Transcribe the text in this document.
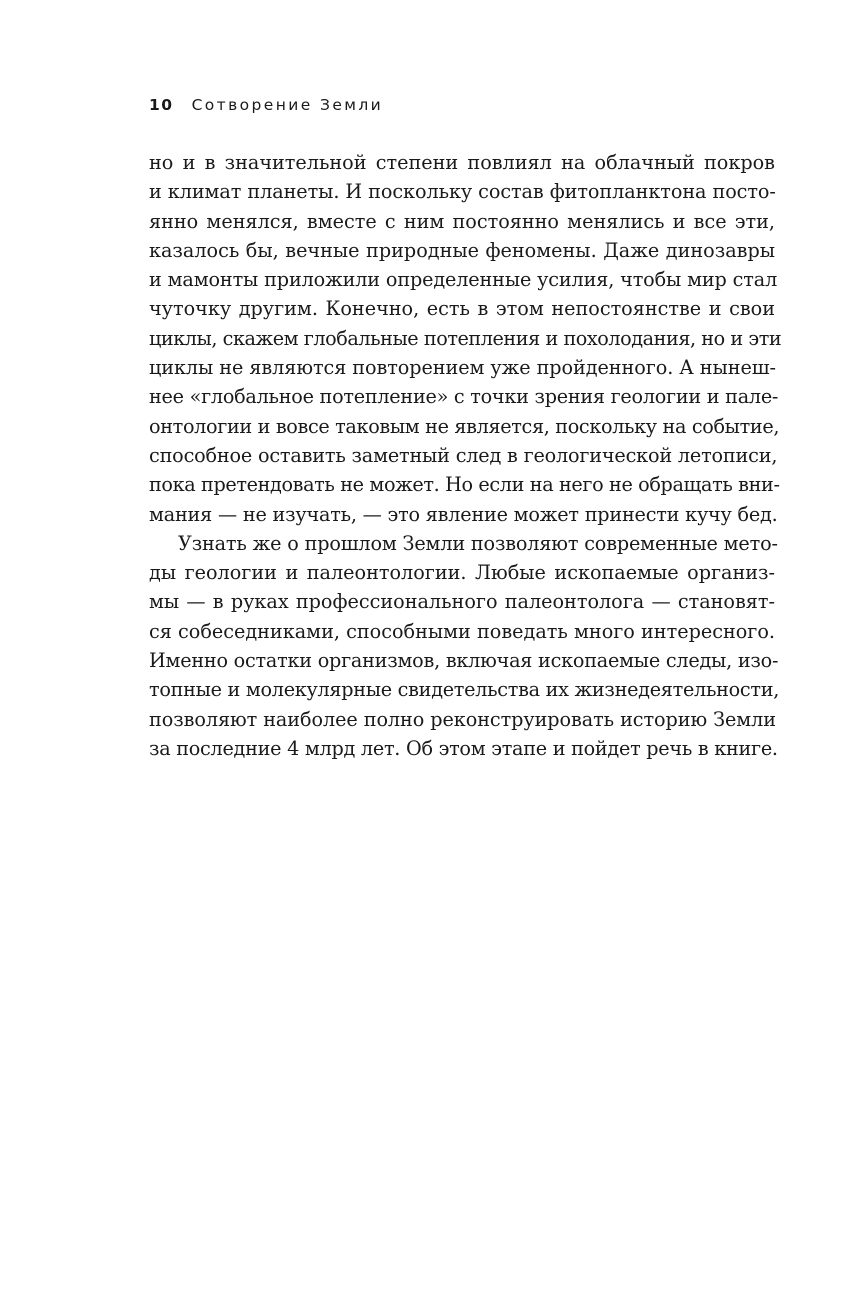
10 Сотворение Земли
но и в значительной степени повлиял на облачный покров
и климат планеты. И поскольку состав фитопланктона посто-
янно менялся, вместе с ним постоянно менялись и все эти,
казалось бы, вечные природные феномены. Даже динозавры
и мамонты приложили определенные усилия, чтобы мир стал
чуточку другим. Конечно, есть в этом непостоянстве и свои
циклы, скажем глобальные потепления и похолодания, но и эти
циклы не являются повторением уже пройденного. А нынеш-
нее «глобальное потепление» с точки зрения геологии и пале-
онтологии и вовсе таковым не является, поскольку на событие,
способное оставить заметный след в геологической летописи,
пока претендовать не может. Но если на него не обращать вни-
мания — не изучать, — это явление может принести кучу бед.
Узнать же о прошлом Земли позволяют современные мето-
ды геологии и палеонтологии. Любые ископаемые организ-
мы — в руках профессионального палеонтолога — становят-
ся собеседниками, способными поведать много интересного.
Именно остатки организмов, включая ископаемые следы, изо-
топные и молекулярные свидетельства их жизнедеятельности,
позволяют наиболее полно реконструировать историю Земли
за последние 4 млрд лет. Об этом этапе и пойдет речь в книге.
